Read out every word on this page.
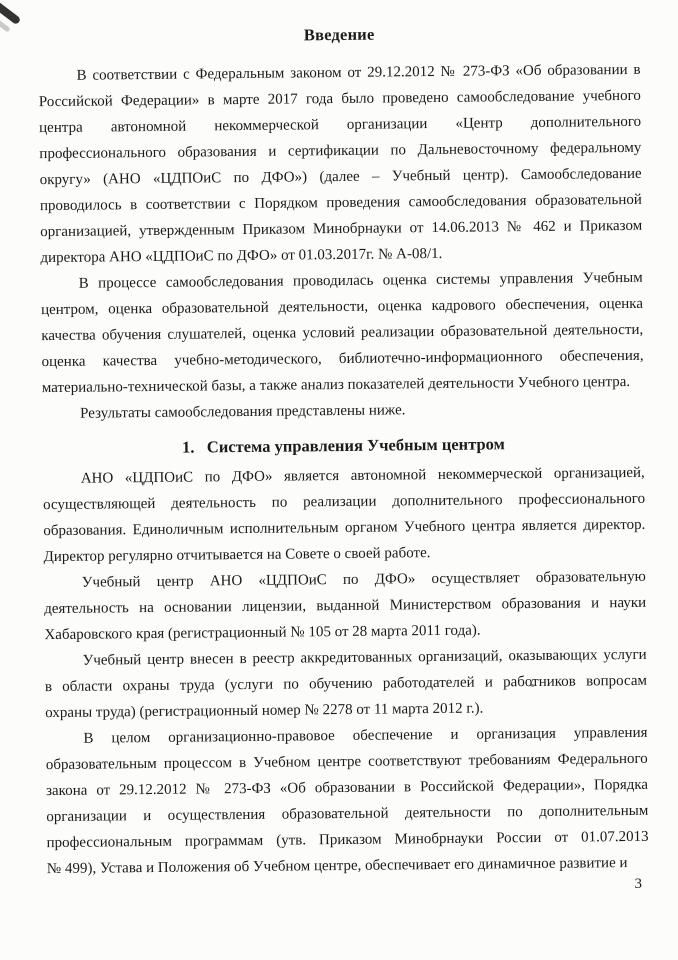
Введение
В соответствии с Федеральным законом от 29.12.2012 № 273-ФЗ «Об образовании в
Российской Федерации» в марте 2017 года было проведено самообследование учебного
центра автономной некоммерческой организации «Центр дополнительного
профессионального образования и сертификации по Дальневосточному федеральному
округу» (АНО «ЦДПОиС по ДФО») (далее – Учебный центр). Самообследование
проводилось в соответствии с Порядком проведения самообследования образовательной
организацией, утвержденным Приказом Минобрнауки от 14.06.2013 № 462 и Приказом
директора АНО «ЦДПОиС по ДФО» от 01.03.2017г. № А-08/1.
В процессе самообследования проводилась оценка системы управления Учебным
центром, оценка образовательной деятельности, оценка кадрового обеспечения, оценка
качества обучения слушателей, оценка условий реализации образовательной деятельности,
оценка качества учебно-методического, библиотечно-информационного обеспечения,
материально-технической базы, а также анализ показателей деятельности Учебного центра.
Результаты самообследования представлены ниже.
1.   Система управления Учебным центром
АНО «ЦДПОиС по ДФО» является автономной некоммерческой организацией,
осуществляющей деятельность по реализации дополнительного профессионального
образования. Единоличным исполнительным органом Учебного центра является директор.
Директор регулярно отчитывается на Совете о своей работе.
Учебный центр АНО «ЦДПОиС по ДФО» осуществляет образовательную
деятельность на основании лицензии, выданной Министерством образования и науки
Хабаровского края (регистрационный № 105 от 28 марта 2011 года).
Учебный центр внесен в реестр аккредитованных организаций, оказывающих услуги
в области охраны труда (услуги по обучению работодателей и работников вопросам
охраны труда) (регистрационный номер № 2278 от 11 марта 2012 г.).
В целом организационно-правовое обеспечение и организация управления
образовательным процессом в Учебном центре соответствуют требованиям Федерального
закона от 29.12.2012 № 273-ФЗ «Об образовании в Российской Федерации», Порядка
организации и осуществления образовательной деятельности по дополнительным
профессиональным программам (утв. Приказом Минобрнауки России от 01.07.2013
№ 499), Устава и Положения об Учебном центре, обеспечивает его динамичное развитие и
3
